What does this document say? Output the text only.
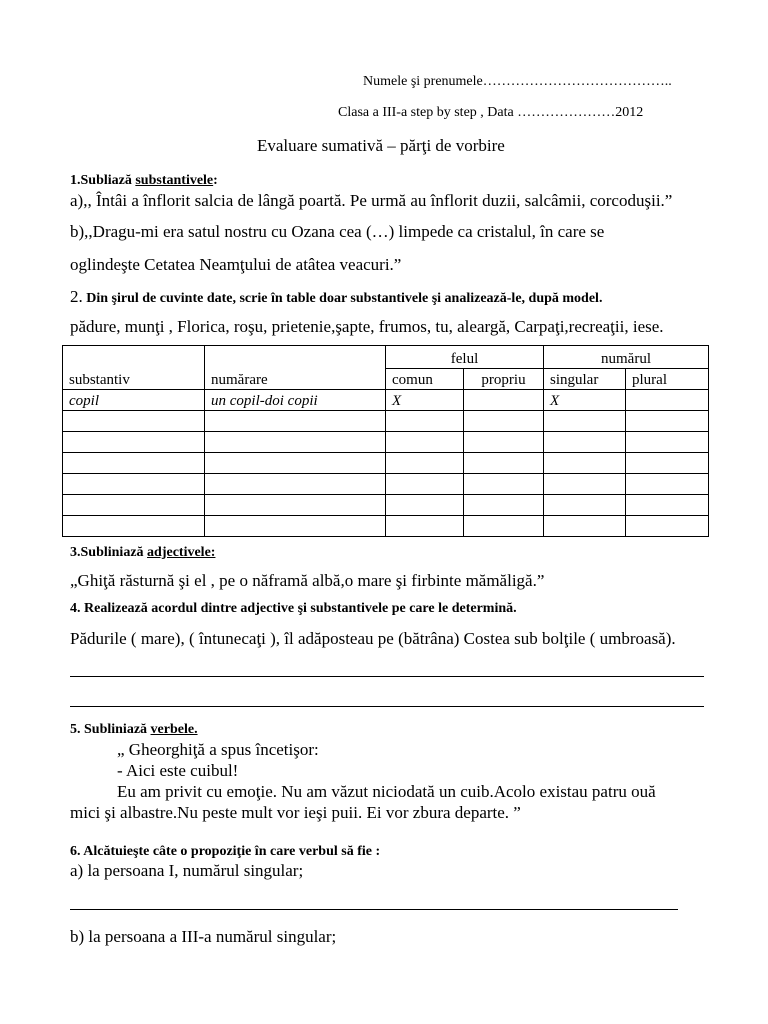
Numele şi prenumele…………………………………..
Clasa a III-a step by step , Data …………………2012
Evaluare sumativă – părţi de vorbire
1.Subliază substantivele:
a),, Întâi a înflorit salcia de lângă poartă. Pe urmă au înflorit duzii, salcâmii, corcoduşii.”
b),,Dragu-mi era satul nostru cu Ozana cea (…) limpede ca cristalul, în care se
oglindeşte Cetatea Neamţului de atâtea veacuri.”
2. Din şirul de cuvinte date, scrie în table doar substantivele şi analizează-le, după model.
pădure, munţi , Florica, roşu, prietenie,şapte, frumos, tu, aleargă, Carpaţi,recreaţii, iese.
substantiv	numărare	felul		numărul	
		comun	propriu	singular	plural
copil	un copil-doi copii	X		X	

3.Subliniază adjectivele:
„Ghiţă răsturnă şi el , pe o năframă albă,o mare şi firbinte mămăligă.”
4. Realizează acordul dintre adjective şi substantivele pe care le determină.
Pădurile ( mare), ( întunecaţi ), îl adăposteau pe (bătrâna) Costea sub bolţile ( umbroasă).
5. Subliniază verbele.
„ Gheorghiţă a spus încetişor:
- Aici este cuibul!
Eu am privit cu emoţie. Nu am văzut niciodată un cuib.Acolo existau patru ouă
mici şi albastre.Nu peste mult vor ieşi puii. Ei vor zbura departe. ”
6. Alcătuieşte câte o propoziţie în care verbul să fie :
a) la persoana I, numărul singular;
b) la persoana a III-a numărul singular;
